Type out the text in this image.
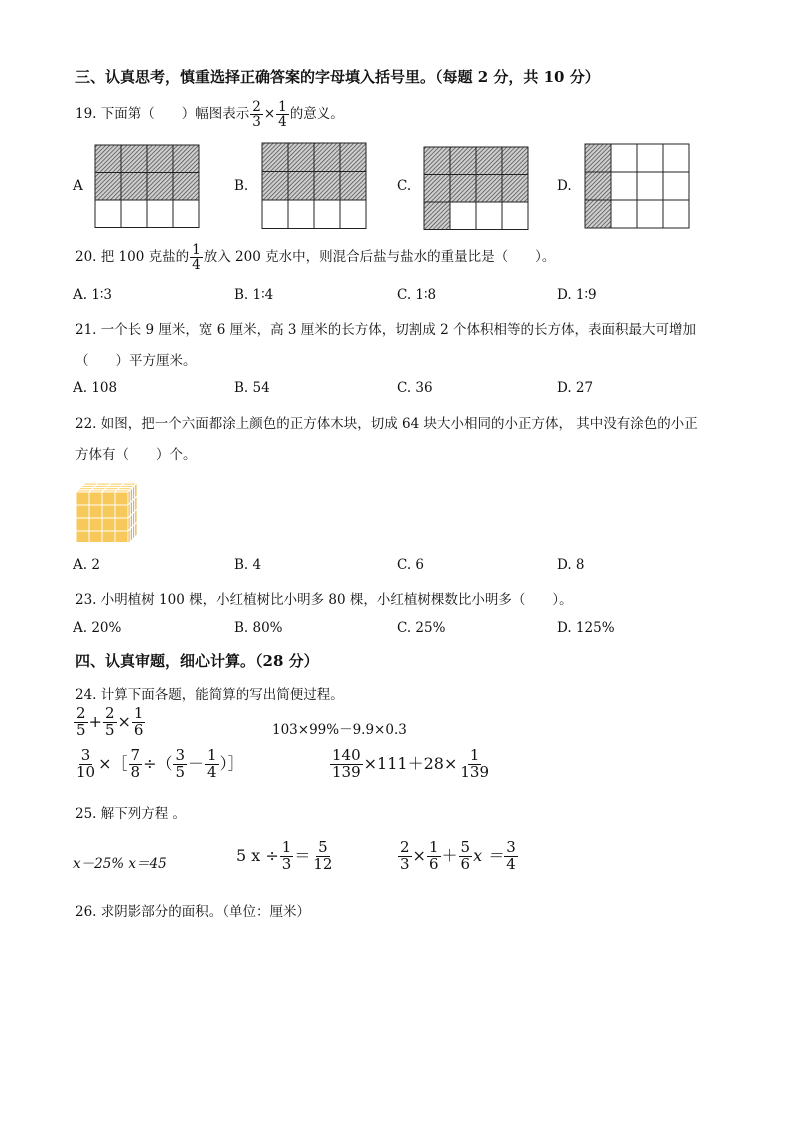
三、认真思考，慎重选择正确答案的字母填入括号里。（每题 2 分，共 10 分）
19. 下面第（　　）幅图表示 $\frac{2}{3} \times \frac{1}{4}$ 的意义。
A	B.	C.	D.
20. 把 100 克盐的 $\frac{1}{4}$ 放入 200 克水中，则混合后盐与盐水的重量比是（　　）。
A. 1∶3	B. 1∶4	C. 1∶8	D. 1∶9
21. 一个长 9 厘米，宽 6 厘米，高 3 厘米的长方体，切割成 2 个体积相等的长方体，表面积最大可增加
（　　）平方厘米。
A. 108	B. 54	C. 36	D. 27
22. 如图，把一个六面都涂上颜色的正方体木块，切成 64 块大小相同的小正方体， 其中没有涂色的小正
方体有（　　）个。
A. 2	B. 4	C. 6	D. 8
23. 小明植树 100 棵，小红植树比小明多 80 棵，小红植树棵数比小明多（　　）。
A. 20%	B. 80%	C. 25%	D. 125%
四、认真审题，细心计算。（28 分）
24. 计算下面各题，能简算的写出简便过程。
$\frac{2}{5} + \frac{2}{5} \times \frac{1}{6}$	103×99%－9.9×0.3
$\frac{3}{10}$ ×［ $\frac{7}{8}$ ÷（ $\frac{3}{5} - \frac{1}{4}$ ）］	$\frac{140}{139} \times 111+28\times \frac{1}{139}$
25. 解下列方程 。
x－25% x＝45	5 $x \div \frac{1}{3} = \frac{5}{12}$	$\frac{2}{3} \times \frac{1}{6} + \frac{5}{6}$ $x = \frac{3}{4}$
26. 求阴影部分的面积。（单位：厘米）
